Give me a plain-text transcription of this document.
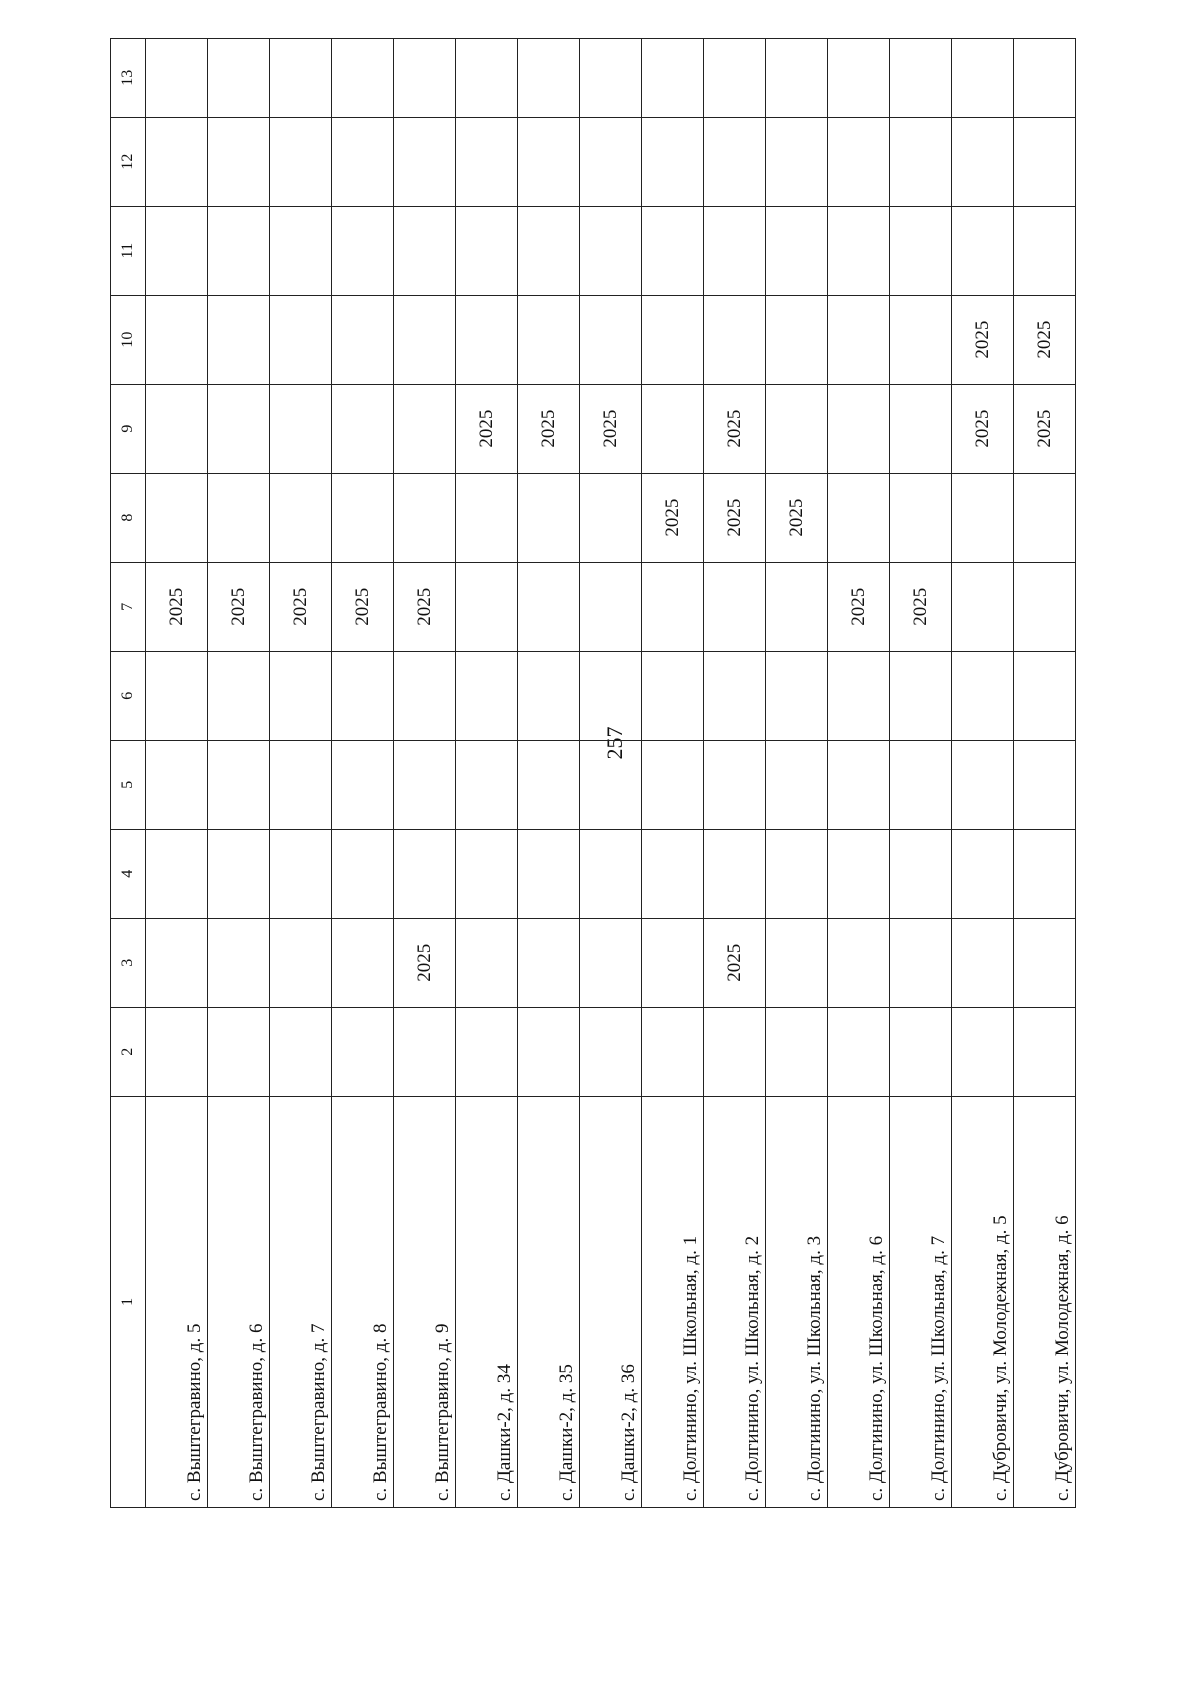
257
1	2	3	4	5	6	7	8	9	10	11	12	13
с. Выштегравино, д. 5						2025						
с. Выштегравино, д. 6						2025						
с. Выштегравино, д. 7						2025						
с. Выштегравино, д. 8						2025						
с. Выштегравино, д. 9		2025				2025						
с. Дашки-2, д. 34								2025				
с. Дашки-2, д. 35								2025				
с. Дашки-2, д. 36								2025				
с. Долгинино, ул. Школьная, д. 1							2025					
с. Долгинино, ул. Школьная, д. 2		2025					2025	2025				
с. Долгинино, ул. Школьная, д. 3							2025					
с. Долгинино, ул. Школьная, д. 6						2025						
с. Долгинино, ул. Школьная, д. 7						2025						
с. Дубровичи, ул. Молодежная, д. 5								2025	2025			
с. Дубровичи, ул. Молодежная, д. 6								2025	2025			
